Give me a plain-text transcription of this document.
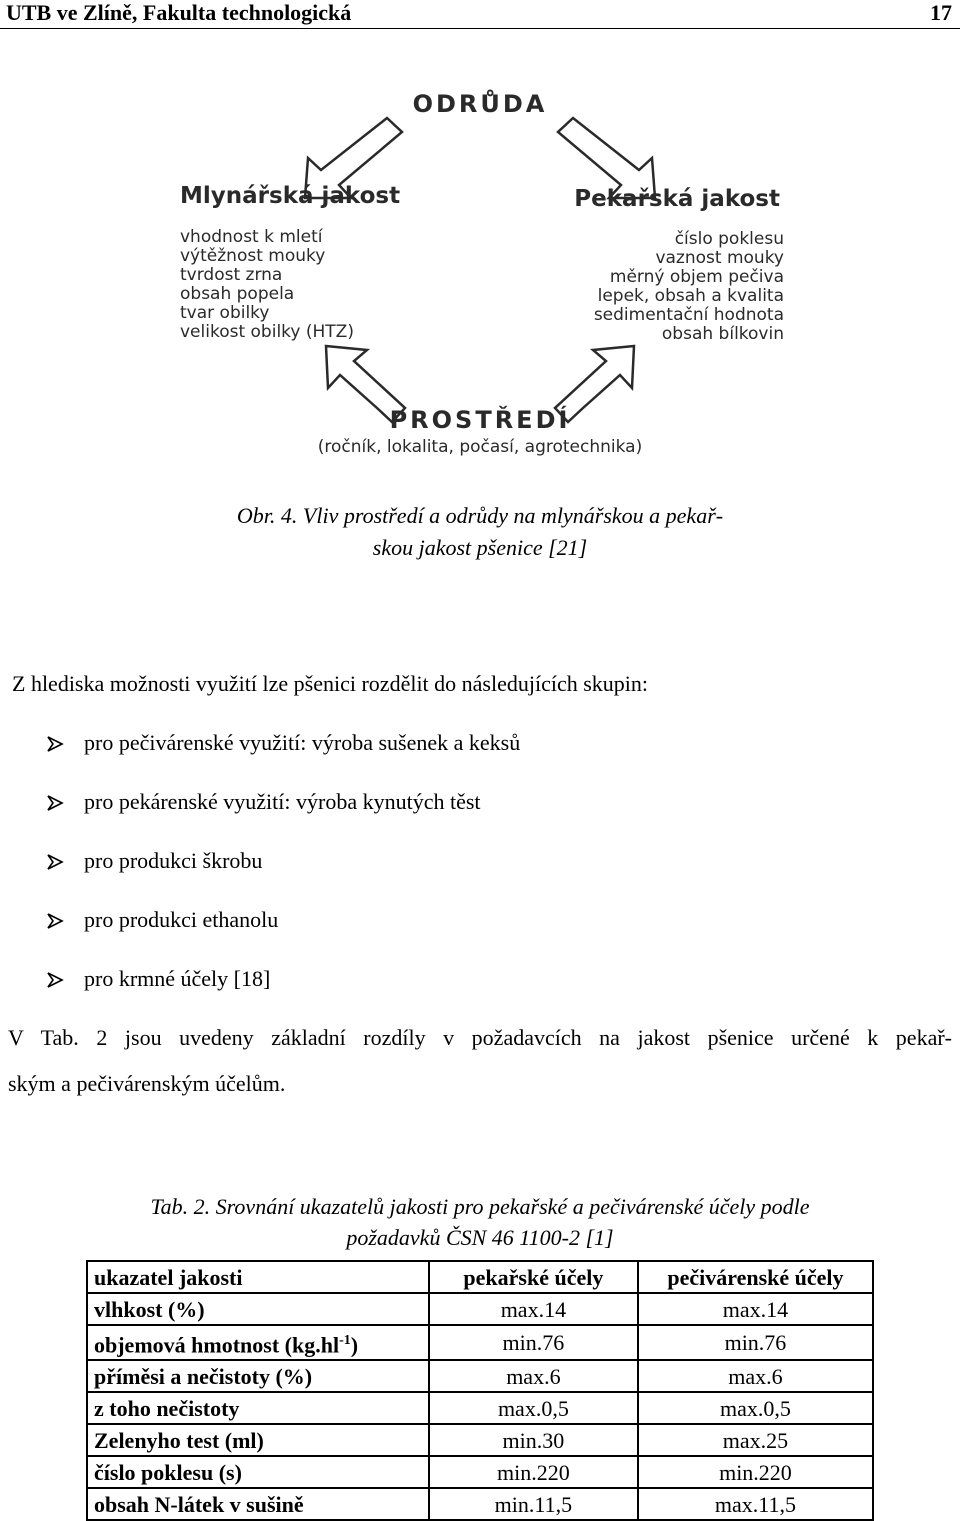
UTB ve Zlíně, Fakulta technologická	17
ODRŮDA
Mlynářská jakost
vhodnost k mletí
výtěžnost mouky
tvrdost zrna
obsah popela
tvar obilky
velikost obilky (HTZ)
Pekařská jakost
číslo poklesu
vaznost mouky
měrný objem pečiva
lepek, obsah a kvalita
sedimentační hodnota
obsah bílkovin
PROSTŘEDÍ
(ročník, lokalita, počasí, agrotechnika)
Obr. 4. Vliv prostředí a odrůdy na mlynářskou a pekař-
skou jakost pšenice [21]
Z hlediska možnosti využití lze pšenici rozdělit do následujících skupin:
pro pečivárenské využití: výroba sušenek a keksů
pro pekárenské využití: výroba kynutých těst
pro produkci škrobu
pro produkci ethanolu
pro krmné účely [18]
V Tab. 2 jsou uvedeny základní rozdíly v požadavcích na jakost pšenice určené k pekař-
ským a pečivárenským účelům.
Tab. 2. Srovnání ukazatelů jakosti pro pekařské a pečivárenské účely podle
požadavků ČSN 46 1100-2 [1]
ukazatel jakosti	pekařské účely	pečivárenské účely
vlhkost (%)	max.14	max.14
objemová hmotnost $(kg.hl^{-1})$	min.76	min.76
příměsi a nečistoty (%)	max.6	max.6
z toho nečistoty	max.0,5	max.0,5
Zelenyho test (ml)	min.30	max.25
číslo poklesu (s)	min.220	min.220
obsah N-látek v sušině	min.11,5	max.11,5
